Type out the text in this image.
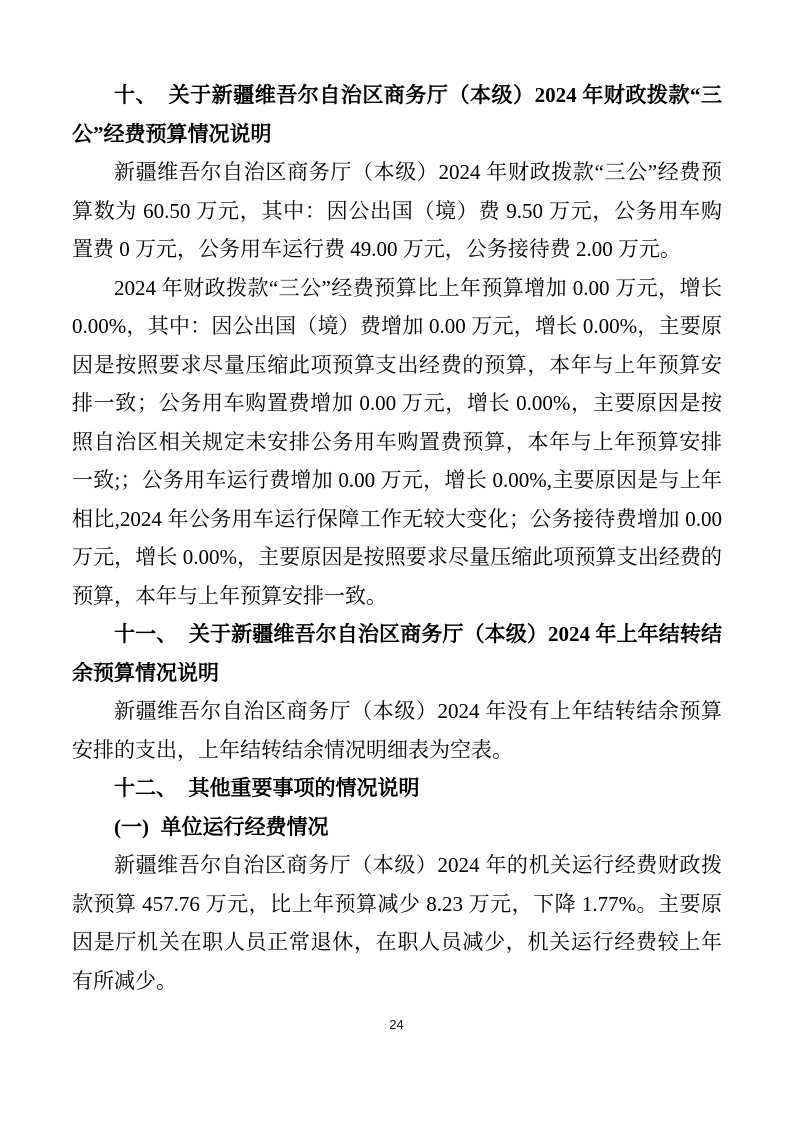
十、 关于新疆维吾尔自治区商务厅（本级）2024 年财政拨款“三公”经费预算情况说明

新疆维吾尔自治区商务厅（本级）2024 年财政拨款“三公”经费预算数为 60.50 万元，其中：因公出国（境）费 9.50 万元，公务用车购置费 0 万元，公务用车运行费 49.00 万元，公务接待费 2.00 万元。

2024 年财政拨款“三公”经费预算比上年预算增加 0.00 万元，增长 0.00%，其中：因公出国（境）费增加 0.00 万元，增长 0.00%，主要原因是按照要求尽量压缩此项预算支出经费的预算，本年与上年预算安排一致；公务用车购置费增加 0.00 万元，增长 0.00%，主要原因是按照自治区相关规定未安排公务用车购置费预算，本年与上年预算安排一致;；公务用车运行费增加 0.00 万元，增长 0.00%,主要原因是与上年相比,2024 年公务用车运行保障工作无较大变化；公务接待费增加 0.00 万元，增长 0.00%，主要原因是按照要求尽量压缩此项预算支出经费的预算，本年与上年预算安排一致。

十一、 关于新疆维吾尔自治区商务厅（本级）2024 年上年结转结余预算情况说明

新疆维吾尔自治区商务厅（本级）2024 年没有上年结转结余预算安排的支出，上年结转结余情况明细表为空表。

十二、 其他重要事项的情况说明

(一) 单位运行经费情况

新疆维吾尔自治区商务厅（本级）2024 年的机关运行经费财政拨款预算 457.76 万元，比上年预算减少 8.23 万元，下降 1.77%。主要原因是厅机关在职人员正常退休，在职人员减少，机关运行经费较上年有所减少。

24
